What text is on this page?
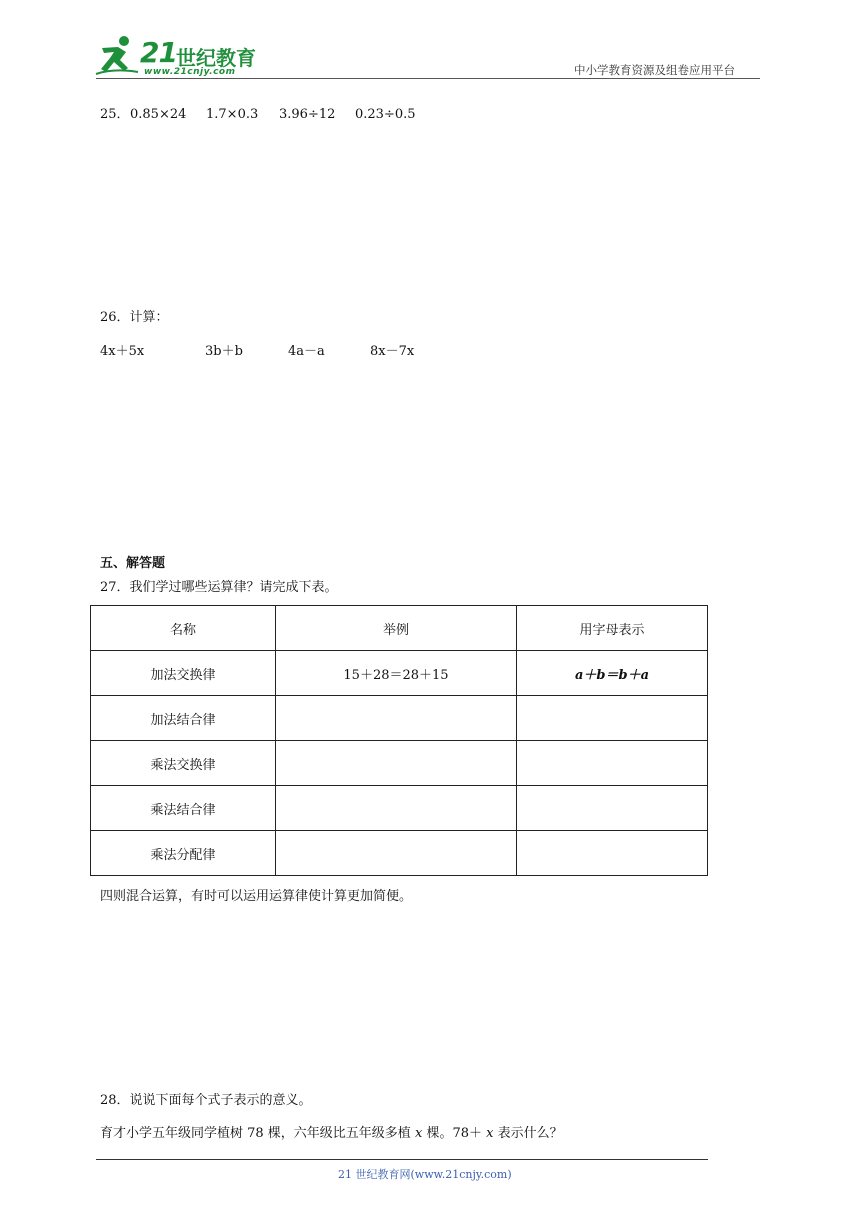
21 世纪教育
www.21cnjy.com	中小学教育资源及组卷应用平台
25． 0.85×24 1.7×0.3 3.96÷12 0.23÷0.5
26．计算：
4x＋5x	3b＋b	4a－a	8x－7x
五、解答题
27．我们学过哪些运算律？请完成下表。
名称	举例	用字母表示
加法交换律	15＋28＝28＋15	a＋b＝b＋a
加法结合律		
乘法交换律		
乘法结合律		
乘法分配律		
四则混合运算，有时可以运用运算律使计算更加简便。
28．说说下面每个式子表示的意义。
育才小学五年级同学植树 78 棵，六年级比五年级多植 x 棵。78＋ x 表示什么？
21 世纪教育网(www.21cnjy.com)
